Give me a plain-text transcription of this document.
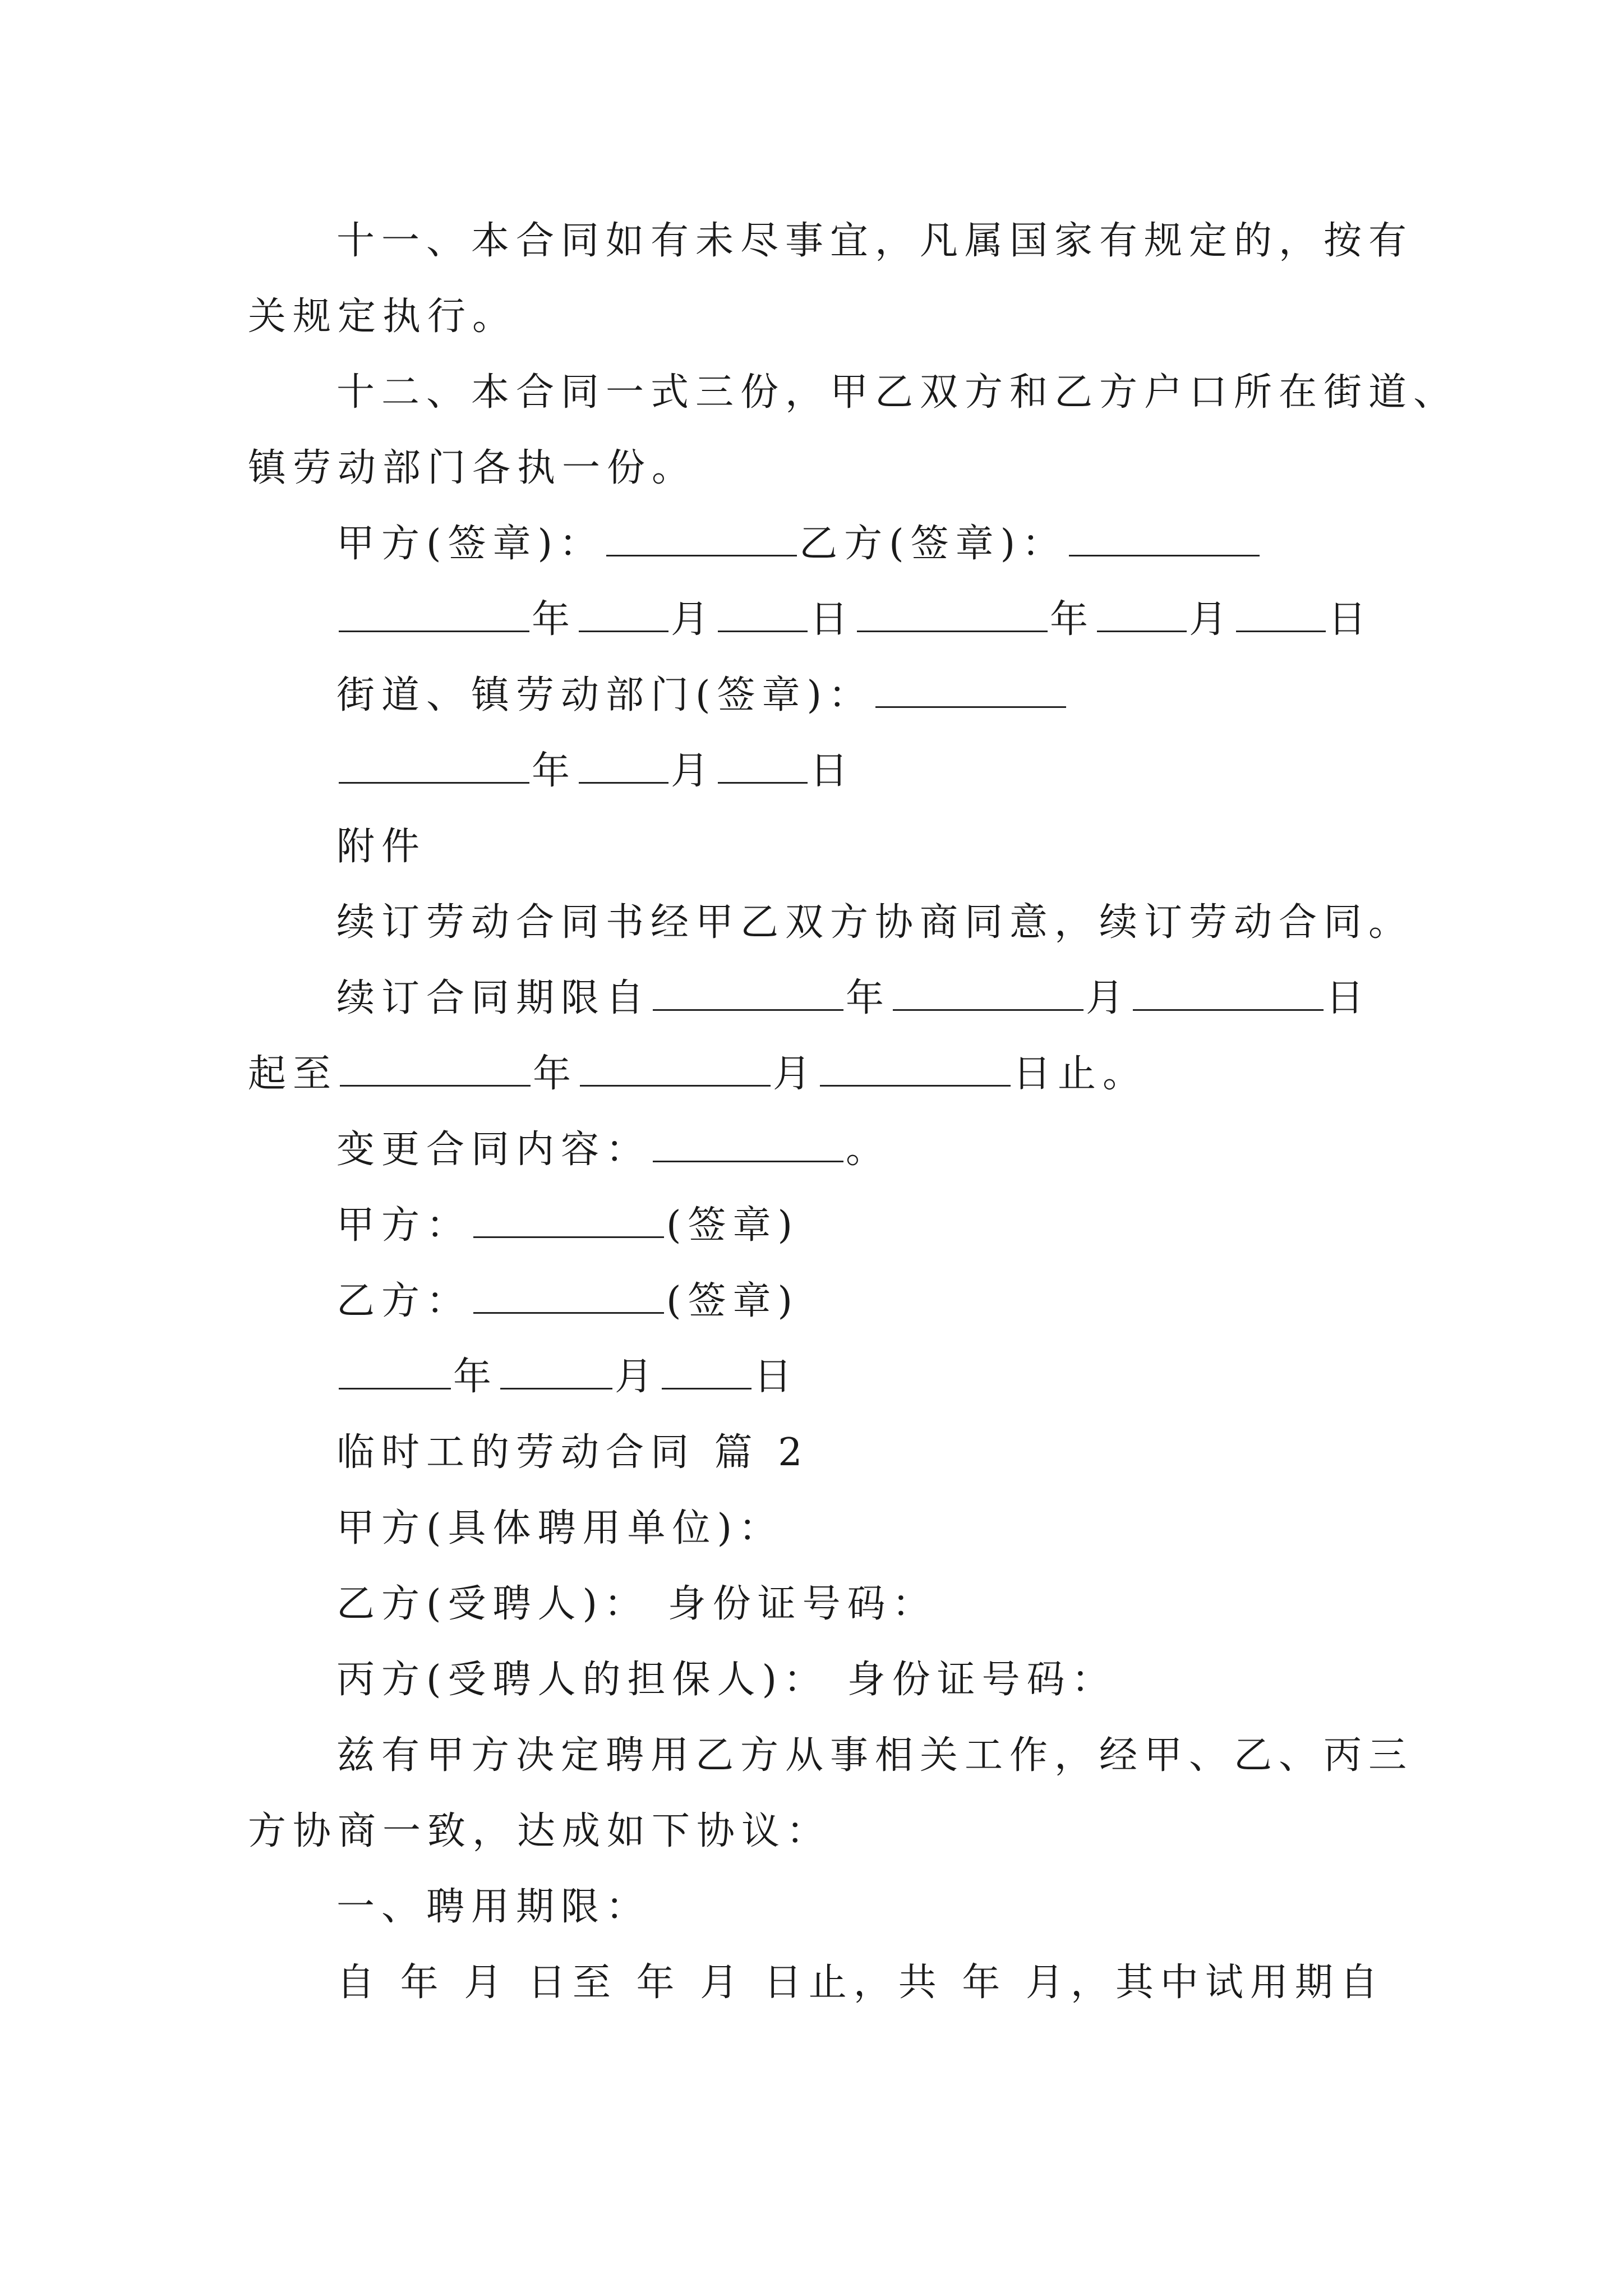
十一、本合同如有未尽事宜，凡属国家有规定的，按有
关规定执行。
十二、本合同一式三份，甲乙双方和乙方户口所在街道、
镇劳动部门各执一份。
甲方(签章)：	乙方(签章)：
年 月 日	年 月 日
街道、镇劳动部门(签章)：
年 月 日
附件
续订劳动合同书经甲乙双方协商同意，续订劳动合同。
续订合同期限自	年	月	日
起至	年	月	日止。
变更合同内容：	。
甲方：	(签章)
乙方：	(签章)
年	月 日
临时工的劳动合同 篇 2
甲方(具体聘用单位)：
乙方(受聘人)： 身份证号码：
丙方(受聘人的担保人)： 身份证号码：
兹有甲方决定聘用乙方从事相关工作，经甲、乙、丙三
方协商一致，达成如下协议：
一、聘用期限：
自 年 月 日至 年 月 日止，共 年 月，其中试用期自
